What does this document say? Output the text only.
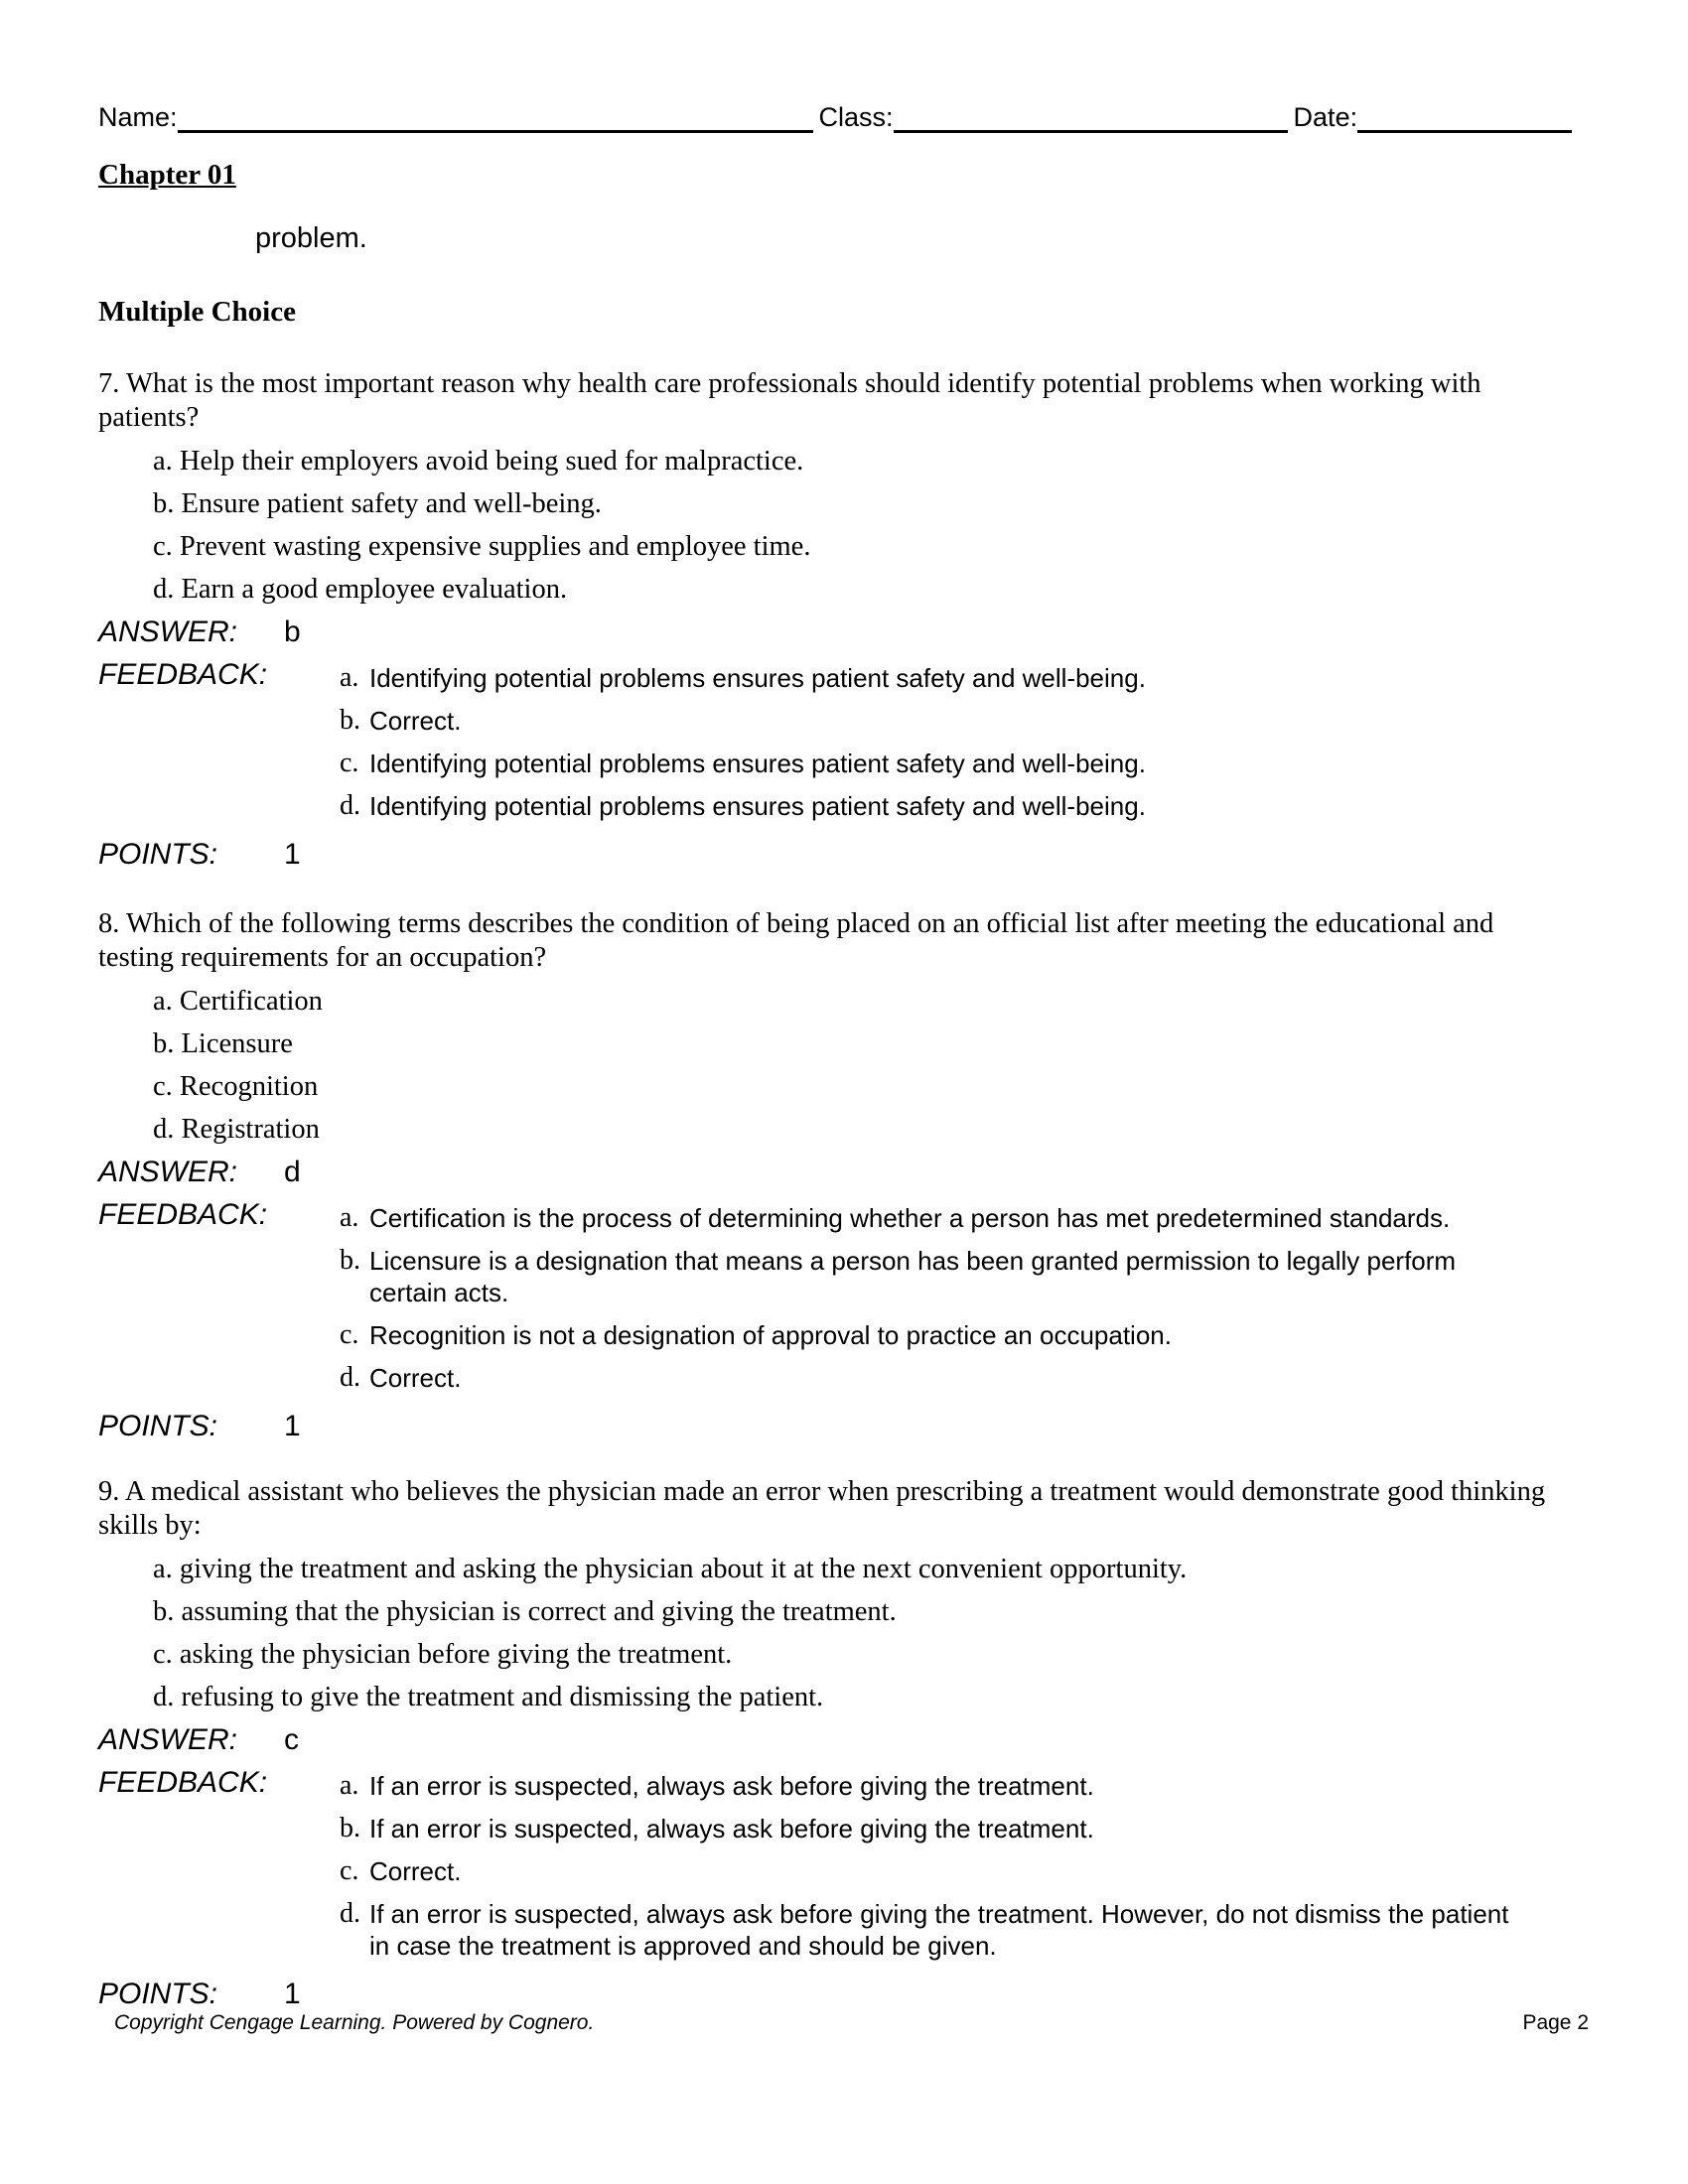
Name:	Class:	Date:
Chapter 01
problem.
Multiple Choice
7. What is the most important reason why health care professionals should identify potential problems when working with patients?
a. Help their employers avoid being sued for malpractice.
b. Ensure patient safety and well-being.
c. Prevent wasting expensive supplies and employee time.
d. Earn a good employee evaluation.
ANSWER: b
FEEDBACK:	a. Identifying potential problems ensures patient safety and well-being.
b. Correct.
c. Identifying potential problems ensures patient safety and well-being.
d. Identifying potential problems ensures patient safety and well-being.
POINTS: 1
8. Which of the following terms describes the condition of being placed on an official list after meeting the educational and testing requirements for an occupation?
a. Certification
b. Licensure
c. Recognition
d. Registration
ANSWER: d
FEEDBACK:	a. Certification is the process of determining whether a person has met predetermined standards.
b. Licensure is a designation that means a person has been granted permission to legally perform certain acts.
c. Recognition is not a designation of approval to practice an occupation.
d. Correct.
POINTS: 1
9. A medical assistant who believes the physician made an error when prescribing a treatment would demonstrate good thinking skills by:
a. giving the treatment and asking the physician about it at the next convenient opportunity.
b. assuming that the physician is correct and giving the treatment.
c. asking the physician before giving the treatment.
d. refusing to give the treatment and dismissing the patient.
ANSWER: c
FEEDBACK:	a. If an error is suspected, always ask before giving the treatment.
b. If an error is suspected, always ask before giving the treatment.
c. Correct.
d. If an error is suspected, always ask before giving the treatment. However, do not dismiss the patient in case the treatment is approved and should be given.
POINTS: 1
Copyright Cengage Learning. Powered by Cognero.	Page 2
